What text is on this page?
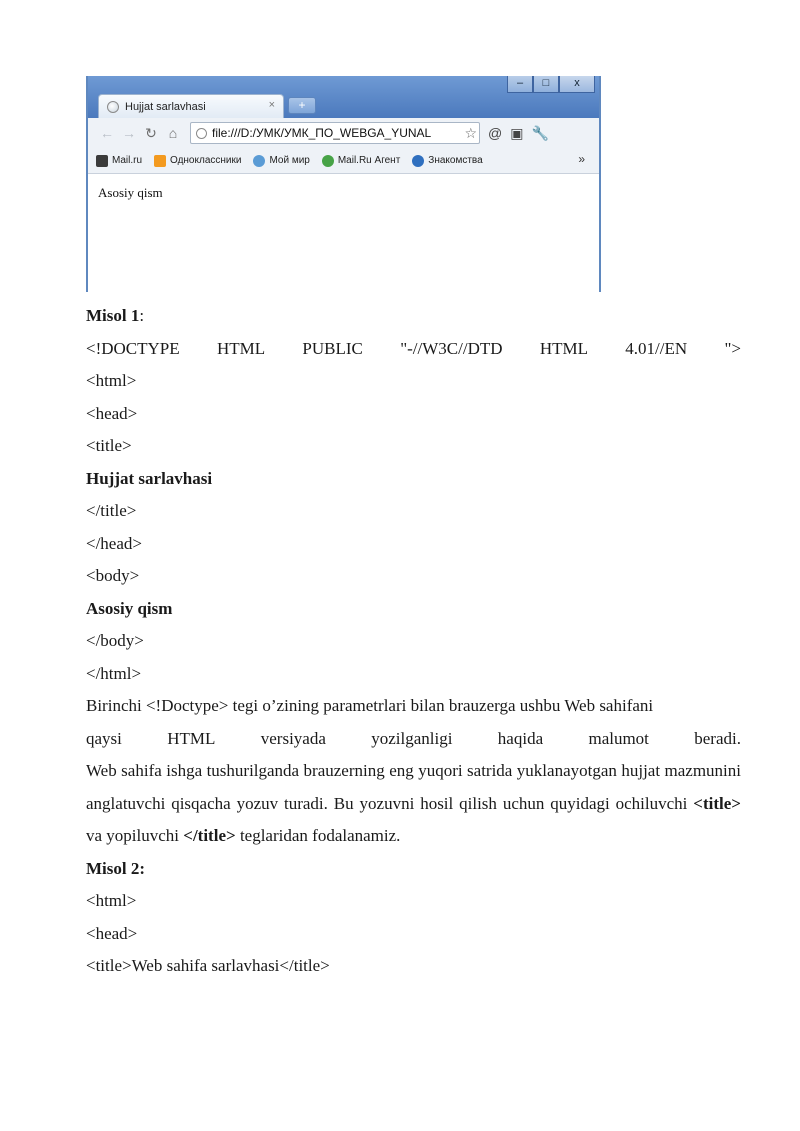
Hujjat sarlavhasi	×	+
–	□	x
← → ↻ ⌂	file:///D:/УМК/УМК_ПО_WEBGA_YUNAL	☆ @ ▣ 🔧
Mail.ru	Одноклассники	Мой мир	Mail.Ru Агент	Знакомства	»
Asosiy qism

Misol 1:

<!DOCTYPE HTML PUBLIC "-//W3C//DTD HTML 4.01//EN ">

<html>

<head>

<title>

Hujjat sarlavhasi

</title>

</head>

<body>

Asosiy qism

</body>

</html>

Birinchi <!Doctype> tegi o’zining parametrlari bilan brauzerga ushbu Web sahifani

qaysi	HTML	versiyada	yozilganligi	haqida	malumot	beradi.

Web sahifa ishga tushurilganda brauzerning eng yuqori satrida yuklanayotgan hujjat mazmunini anglatuvchi qisqacha yozuv turadi. Bu yozuvni hosil qilish uchun quyidagi ochiluvchi <title> va yopiluvchi </title> teglaridan fodalanamiz.

Misol 2:

<html>

<head>

<title>Web sahifa sarlavhasi</title>
